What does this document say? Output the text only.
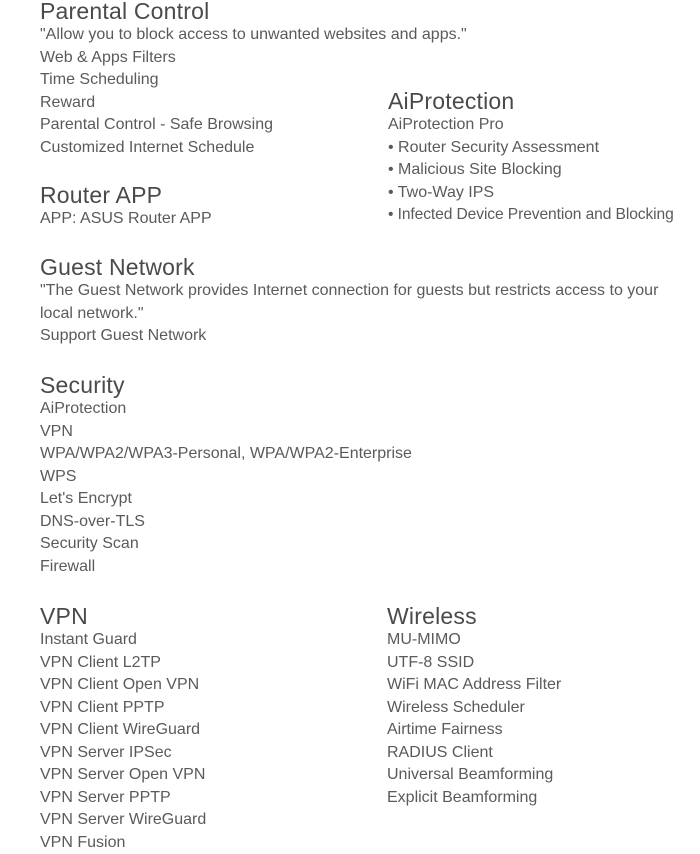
Parental Control
"Allow you to block access to unwanted websites and apps."
Web & Apps Filters
Time Scheduling
Reward
Parental Control - Safe Browsing
Customized Internet Schedule
AiProtection
AiProtection Pro
• Router Security Assessment
• Malicious Site Blocking
• Two-Way IPS
• Infected Device Prevention and Blocking
Router APP
APP: ASUS Router APP
Guest Network
"The Guest Network provides Internet connection for guests but restricts access to your local network."
Support Guest Network
Security
AiProtection
VPN
WPA/WPA2/WPA3-Personal, WPA/WPA2-Enterprise
WPS
Let's Encrypt
DNS-over-TLS
Security Scan
Firewall
VPN
Instant Guard
VPN Client L2TP
VPN Client Open VPN
VPN Client PPTP
VPN Client WireGuard
VPN Server IPSec
VPN Server Open VPN
VPN Server PPTP
VPN Server WireGuard
VPN Fusion
Wireless
MU-MIMO
UTF-8 SSID
WiFi MAC Address Filter
Wireless Scheduler
Airtime Fairness
RADIUS Client
Universal Beamforming
Explicit Beamforming
